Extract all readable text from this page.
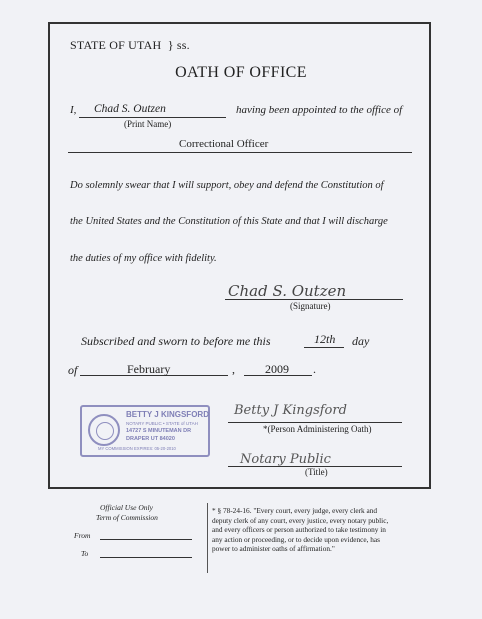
STATE OF UTAH } ss.
OATH OF OFFICE
I, Chad S. Outzen
(Print Name)
having been appointed to the office of
Correctional Officer
Do solemnly swear that I will support, obey and defend the Constitution of
the United States and the Constitution of this State and that I will discharge
the duties of my office with fidelity.
Chad S. Outzen
(Signature)
Subscribed and sworn to before me this	12th day
of	February	,	2009 .
BETTY J KINGSFORD
NOTARY PUBLIC • STATE of UTAH
14727 S MINUTEMAN DR
DRAPER UT 84020
MY COMMISSION EXPIRES: 05-20-2010
Betty J Kingsford
*(Person Administering Oath)
Notary Public
(Title)
Official Use Only
Term of Commission
From
To
* § 78-24-16. "Every court, every judge, every clerk and
deputy clerk of any court, every justice, every notary public,
and every officers or person authorized to take testimony in
any action or proceeding, or to decide upon evidence, has
power to administer oaths of affirmation."
